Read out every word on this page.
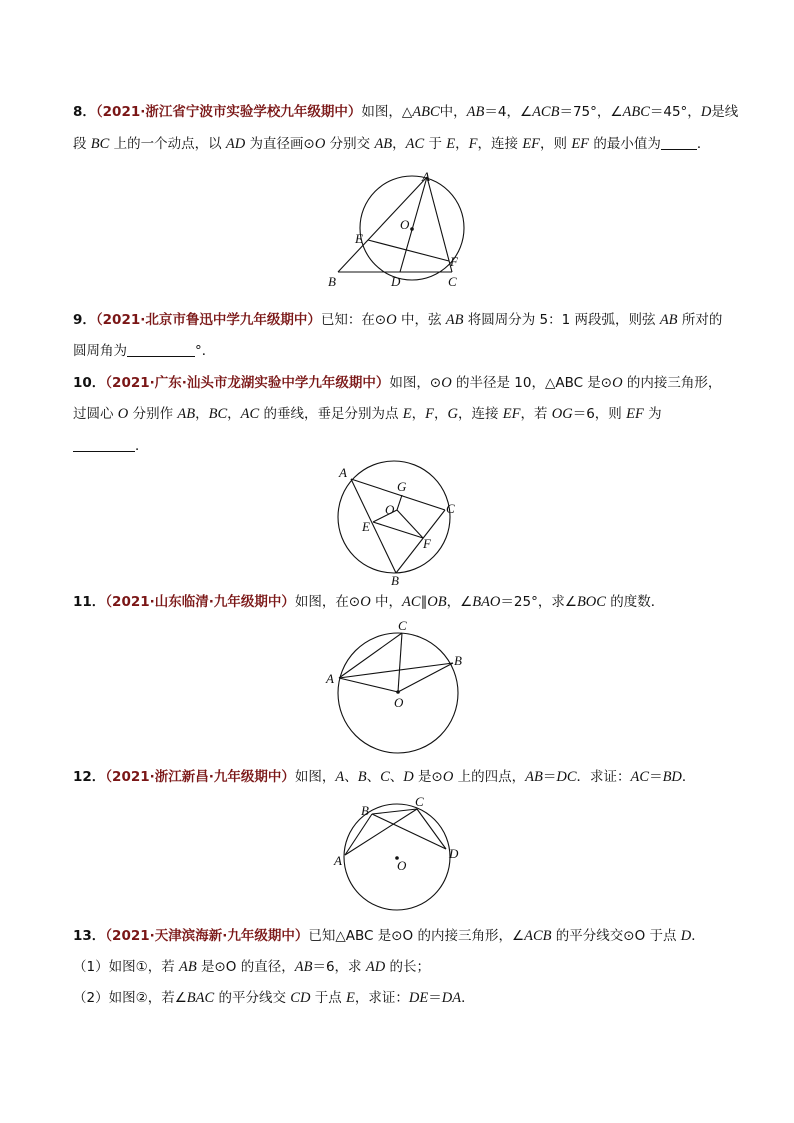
8．（2021·浙江省宁波市实验学校九年级期中）如图，△ABC中，AB＝4，∠ACB＝75°，∠ABC＝45°，D是线
段 BC 上的一个动点，以 AD 为直径画⊙O 分别交 AB，AC 于 E，F，连接 EF，则 EF 的最小值为	．
A
O
E
F
B	D	C
9．（2021·北京市鲁迅中学九年级期中）已知：在⊙O 中，弦 AB 将圆周分为 5：1 两段弧，则弦 AB 所对的
圆周角为	°．
10．（2021·广东·汕头市龙湖实验中学九年级期中）如图，⊙O 的半径是 10，△ABC 是⊙O 的内接三角形，
过圆心 O 分别作 AB，BC，AC 的垂线，垂足分别为点 E，F，G，连接 EF，若 OG＝6，则 EF 为
．
A
G
C
O
E
F
B
11．（2021·山东临清·九年级期中）如图，在⊙O 中，AC∥OB，∠BAO＝25°，求∠BOC 的度数．
C
B
A
O
12．（2021·浙江新昌·九年级期中）如图，A、B、C、D 是⊙O 上的四点，AB＝DC．求证：AC＝BD．
B
C
A	D
O
13．（2021·天津滨海新·九年级期中）已知△ABC 是⊙O 的内接三角形，∠ACB 的平分线交⊙O 于点 D．
（1）如图①，若 AB 是⊙O 的直径，AB＝6，求 AD 的长；
（2）如图②，若∠BAC 的平分线交 CD 于点 E，求证：DE＝DA．
